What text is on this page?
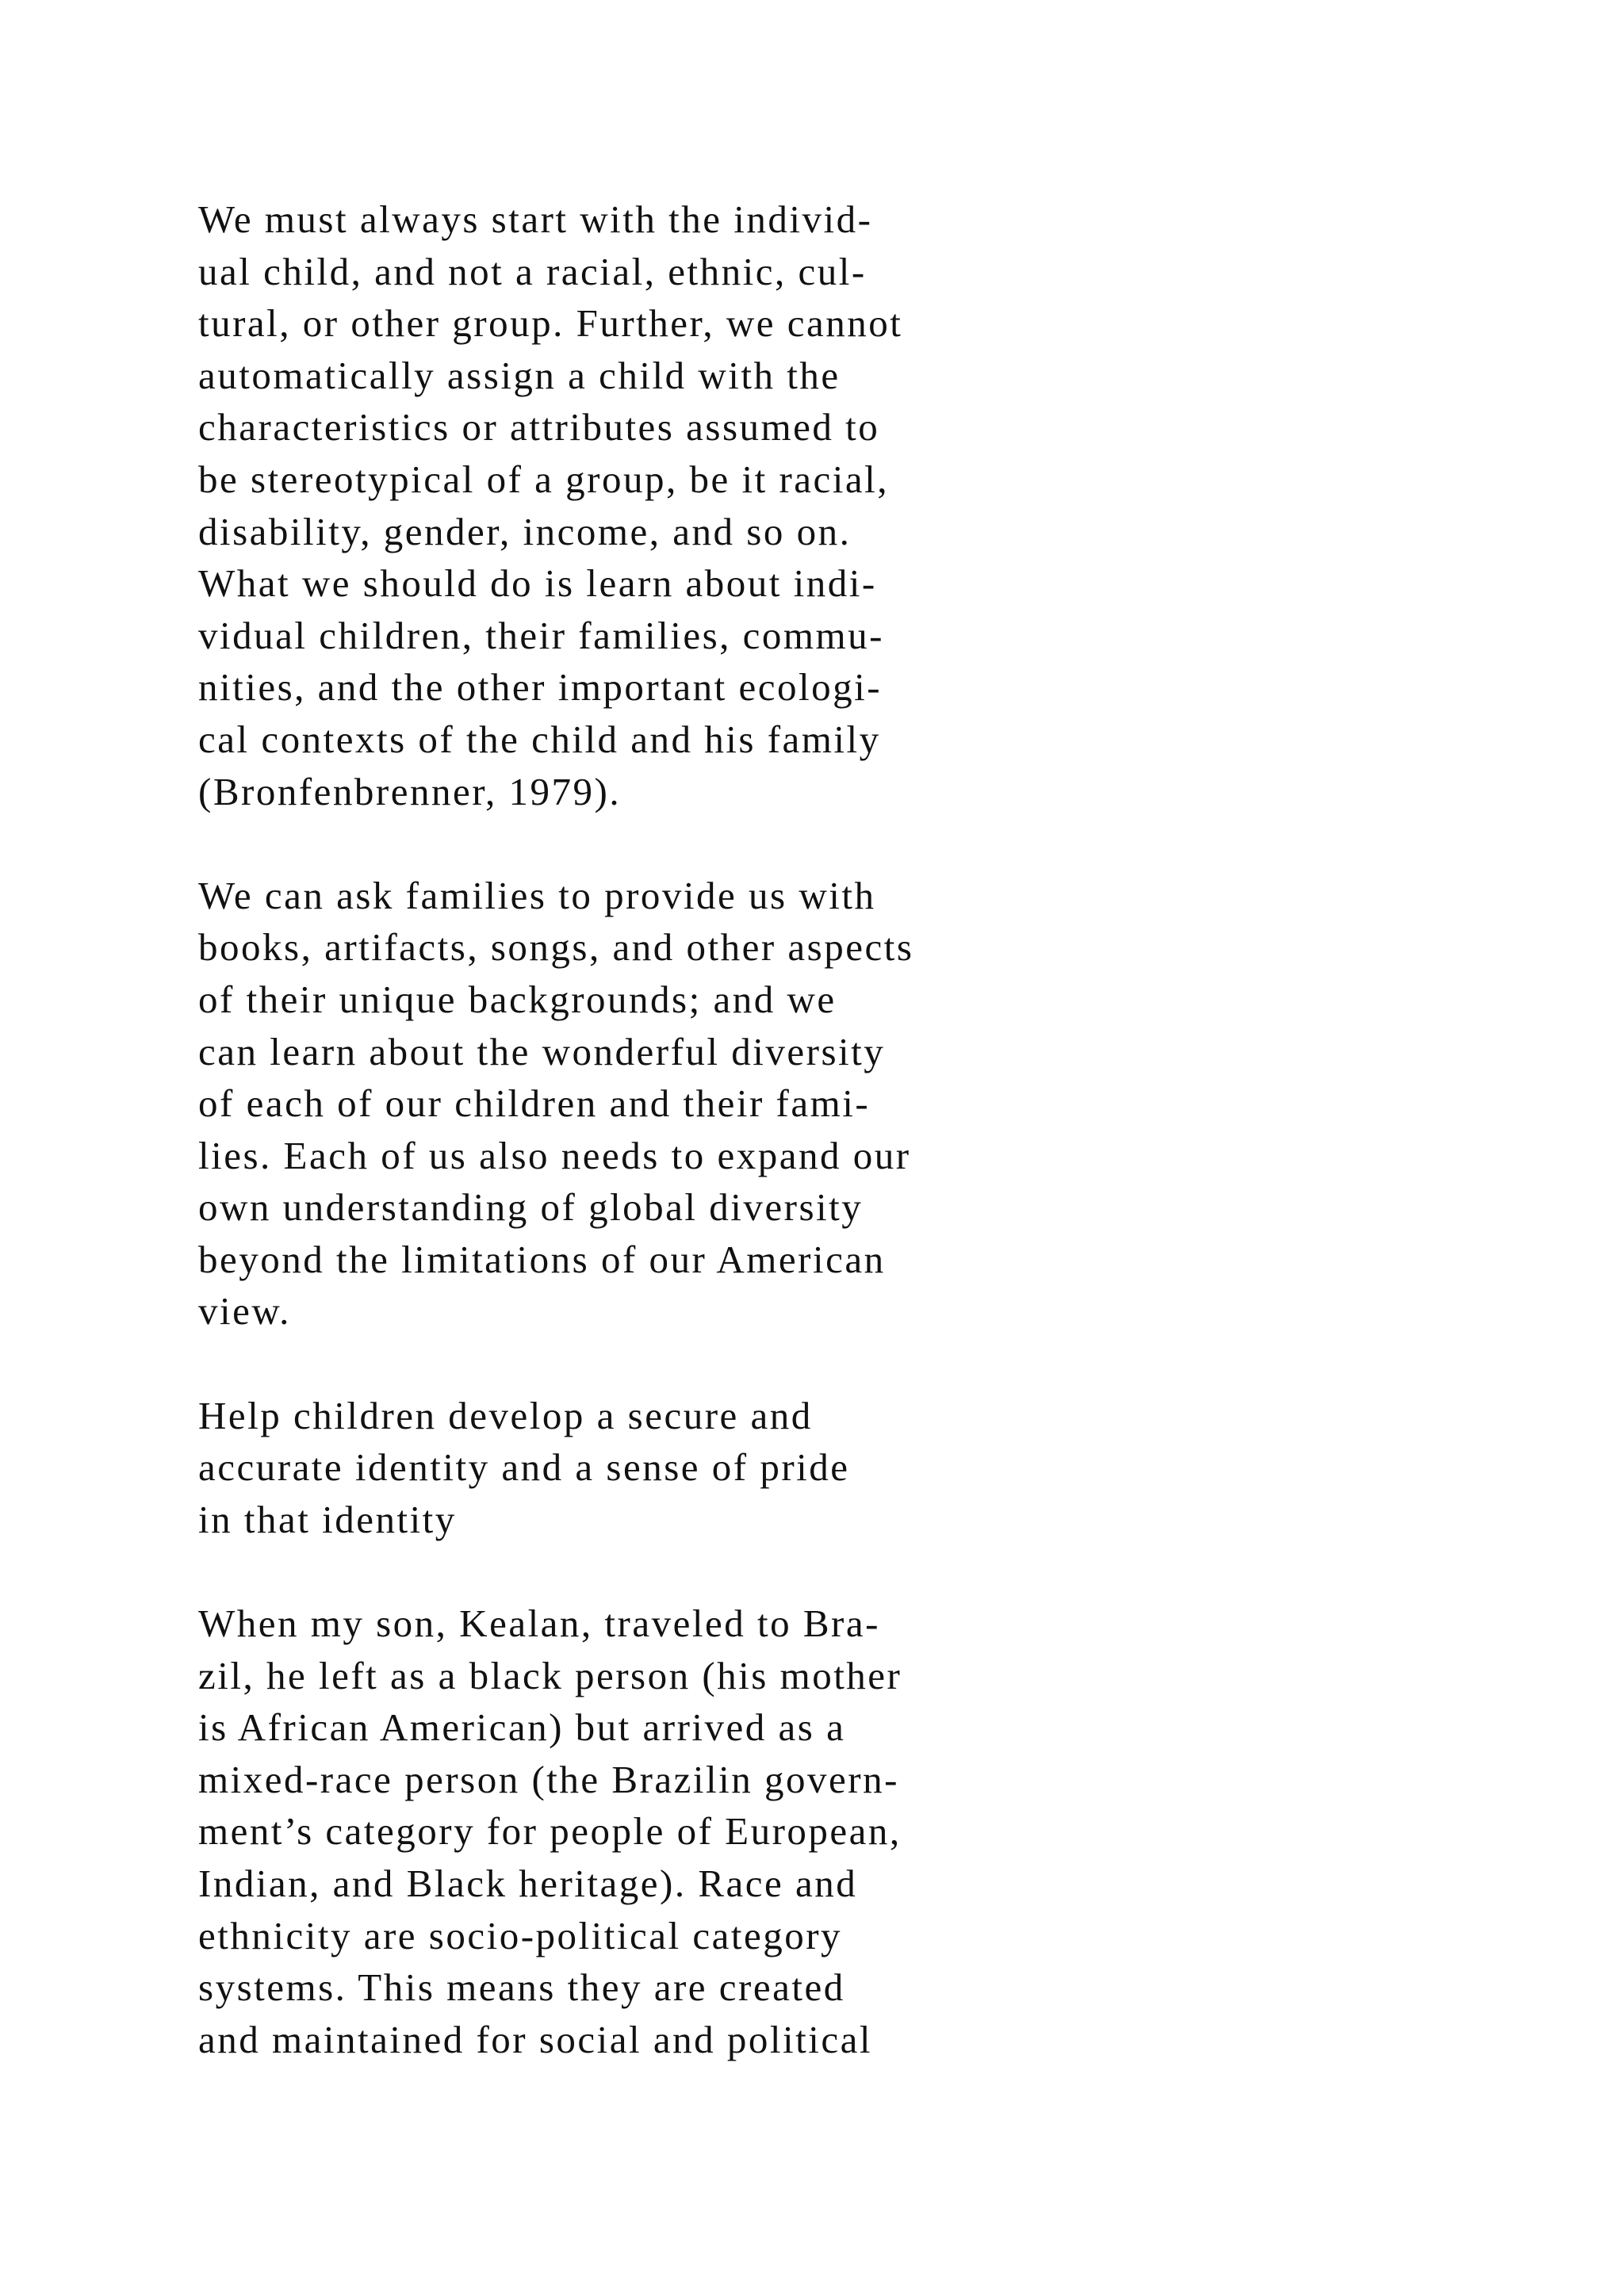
We must always start with the individ-
ual child, and not a racial, ethnic, cul-
tural, or other group. Further, we cannot
automatically assign a child with the
characteristics or attributes assumed to
be stereotypical of a group, be it racial,
disability, gender, income, and so on.
What we should do is learn about indi-
vidual children, their families, commu-
nities, and the other important ecologi-
cal contexts of the child and his family
(Bronfenbrenner, 1979).
We can ask families to provide us with
books, artifacts, songs, and other aspects
of their unique backgrounds; and we
can learn about the wonderful diversity
of each of our children and their fami-
lies. Each of us also needs to expand our
own understanding of global diversity
beyond the limitations of our American
view.
Help children develop a secure and
accurate identity and a sense of pride
in that identity
When my son, Kealan, traveled to Bra-
zil, he left as a black person (his mother
is African American) but arrived as a
mixed-race person (the Brazilin govern-
ment’s category for people of European,
Indian, and Black heritage). Race and
ethnicity are socio-political category
systems. This means they are created
and maintained for social and political
